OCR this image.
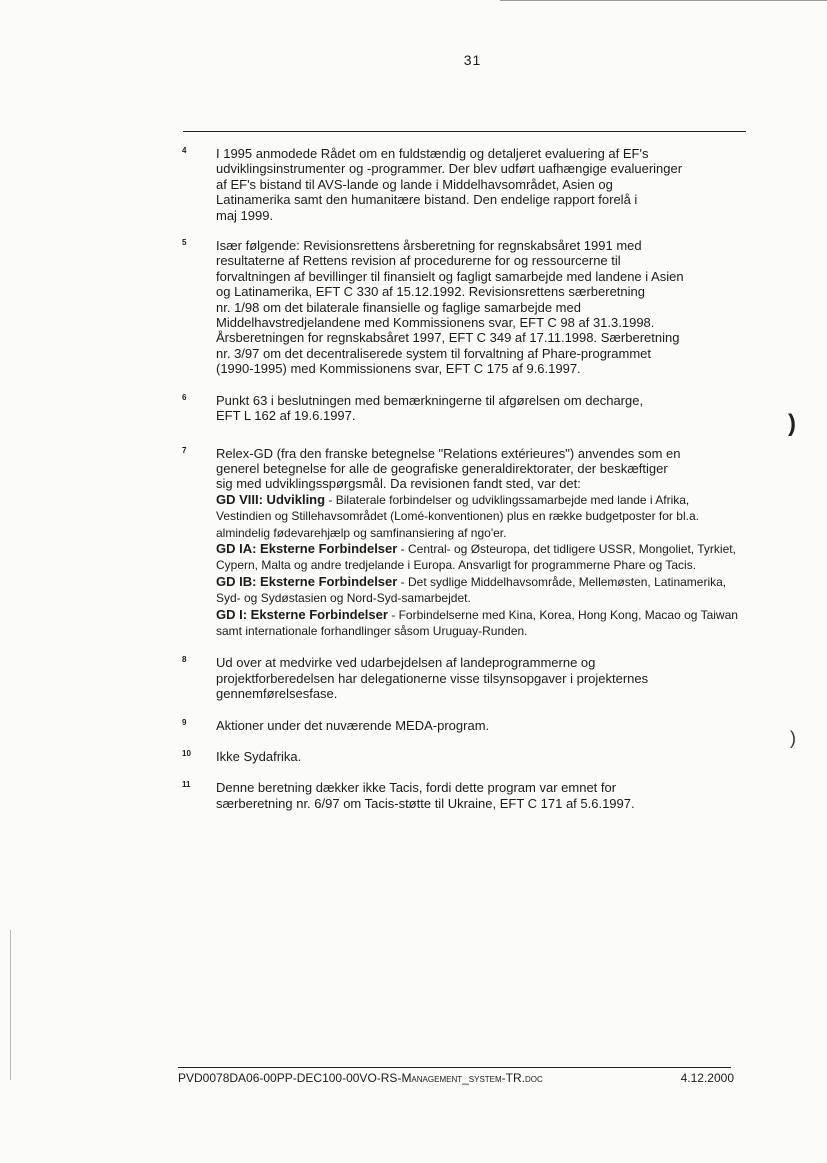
31
4 I 1995 anmodede Rådet om en fuldstændig og detaljeret evaluering af EF's

udviklingsinstrumenter og -programmer. Der blev udført uafhængige evalueringer

af EF's bistand til AVS-lande og lande i Middelhavsområdet, Asien og

Latinamerika samt den humanitære bistand. Den endelige rapport forelå i

maj 1999.

5 Især følgende: Revisionsrettens årsberetning for regnskabsåret 1991 med

resultaterne af Rettens revision af procedurerne for og ressourcerne til

forvaltningen af bevillinger til finansielt og fagligt samarbejde med landene i Asien

og Latinamerika, EFT C 330 af 15.12.1992. Revisionsrettens særberetning

nr. 1/98 om det bilaterale finansielle og faglige samarbejde med

Middelhavstredjelandene med Kommissionens svar, EFT C 98 af 31.3.1998.

Årsberetningen for regnskabsåret 1997, EFT C 349 af 17.11.1998. Særberetning

nr. 3/97 om det decentraliserede system til forvaltning af Phare-programmet

(1990-1995) med Kommissionens svar, EFT C 175 af 9.6.1997.

6 Punkt 63 i beslutningen med bemærkningerne til afgørelsen om decharge,

EFT L 162 af 19.6.1997.

7 Relex-GD (fra den franske betegnelse "Relations extérieures") anvendes som en

generel betegnelse for alle de geografiske generaldirektorater, der beskæftiger

sig med udviklingsspørgsmål. Da revisionen fandt sted, var det:

GD VIII: Udvikling - Bilaterale forbindelser og udviklingssamarbejde med lande i Afrika, Vestindien og Stillehavsområdet (Lomé-konventionen) plus en række budgetposter for bl.a. almindelig fødevarehjælp og samfinansiering af ngo'er.

GD IA: Eksterne Forbindelser - Central- og Østeuropa, det tidligere USSR, Mongoliet, Tyrkiet, Cypern, Malta og andre tredjelande i Europa. Ansvarligt for programmerne Phare og Tacis.

GD IB: Eksterne Forbindelser - Det sydlige Middelhavsområde, Mellemøsten, Latinamerika, Syd- og Sydøstasien og Nord-Syd-samarbejdet.

GD I: Eksterne Forbindelser - Forbindelserne med Kina, Korea, Hong Kong, Macao og Taiwan samt internationale forhandlinger såsom Uruguay-Runden.

8 Ud over at medvirke ved udarbejdelsen af landeprogrammerne og

projektforberedelsen har delegationerne visse tilsynsopgaver i projekternes

gennemførelsesfase.

9 Aktioner under det nuværende MEDA-program.

10 Ikke Sydafrika.

11 Denne beretning dækker ikke Tacis, fordi dette program var emnet for

særberetning nr. 6/97 om Tacis-støtte til Ukraine, EFT C 171 af 5.6.1997.

)
)
PVD0078DA06-00PP-DEC100-00VO-RS-Management_system-TR.doc	4.12.2000
